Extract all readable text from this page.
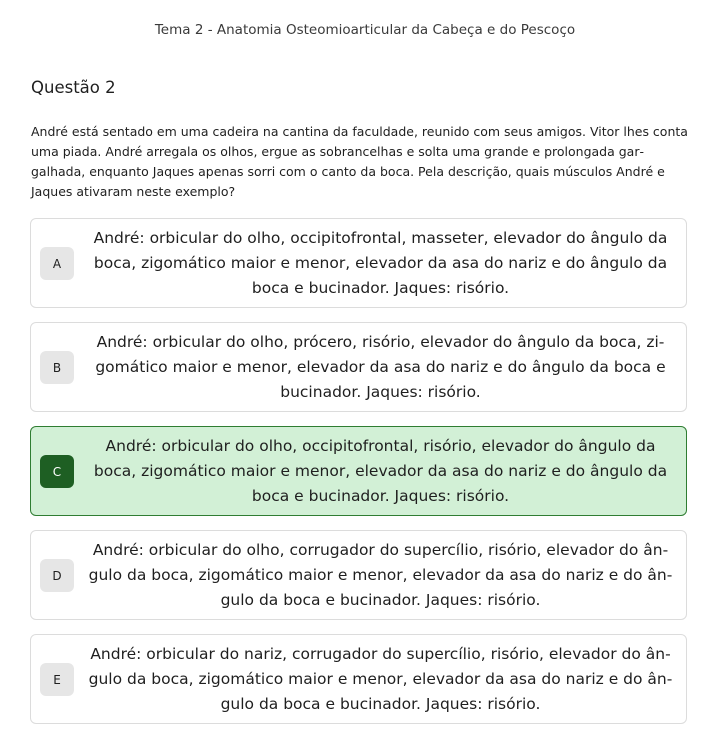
Tema 2 - Anatomia Osteomioarticular da Cabeça e do Pescoço
Questão 2
André está sentado em uma cadeira na cantina da faculdade, reunido com seus amigos. Vitor lhes conta uma piada. André arregala os olhos, ergue as sobrancelhas e solta uma grande e prolongada gargalhada, enquanto Jaques apenas sorri com o canto da boca. Pela descrição, quais músculos André e Jaques ativaram neste exemplo?
A
André: orbicular do olho, occipitofrontal, masseter, elevador do ângulo da boca, zigomático maior e menor, elevador da asa do nariz e do ângulo da boca e bucinador. Jaques: risório.
B
André: orbicular do olho, prócero, risório, elevador do ângulo da boca, zigomático maior e menor, elevador da asa do nariz e do ângulo da boca e bucinador. Jaques: risório.
C
André: orbicular do olho, occipitofrontal, risório, elevador do ângulo da boca, zigomático maior e menor, elevador da asa do nariz e do ângulo da boca e bucinador. Jaques: risório.
D
André: orbicular do olho, corrugador do supercílio, risório, elevador do ângulo da boca, zigomático maior e menor, elevador da asa do nariz e do ângulo da boca e bucinador. Jaques: risório.
E
André: orbicular do nariz, corrugador do supercílio, risório, elevador do ângulo da boca, zigomático maior e menor, elevador da asa do nariz e do ângulo da boca e bucinador. Jaques: risório.
